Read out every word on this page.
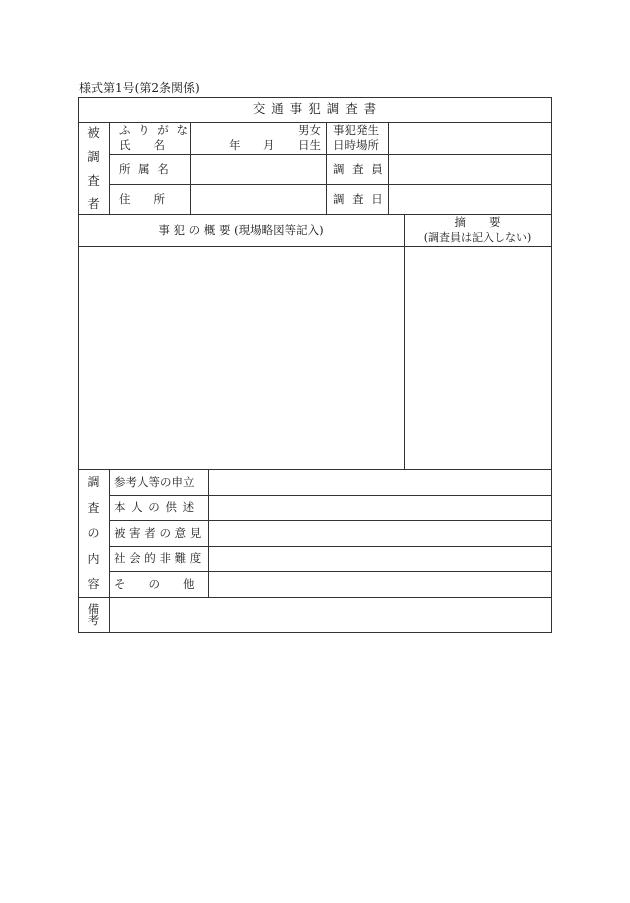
様式第1号(第2条関係)
交 通 事 犯 調 査 書
被
調
査
者
ふ り が な
氏　　名
男女
年 月 日生
事犯発生
日時場所
所 属 名	調 査 員
住　　所	調 査 日
事 犯 の 概 要 (現場略図等記入)
摘　　要
(調査員は記入しない)
調
査
の
内
容
参考人等の申立
本 人 の 供 述
被 害 者 の 意 見
社 会 的 非 難 度
そ　　の　　他
備
考
